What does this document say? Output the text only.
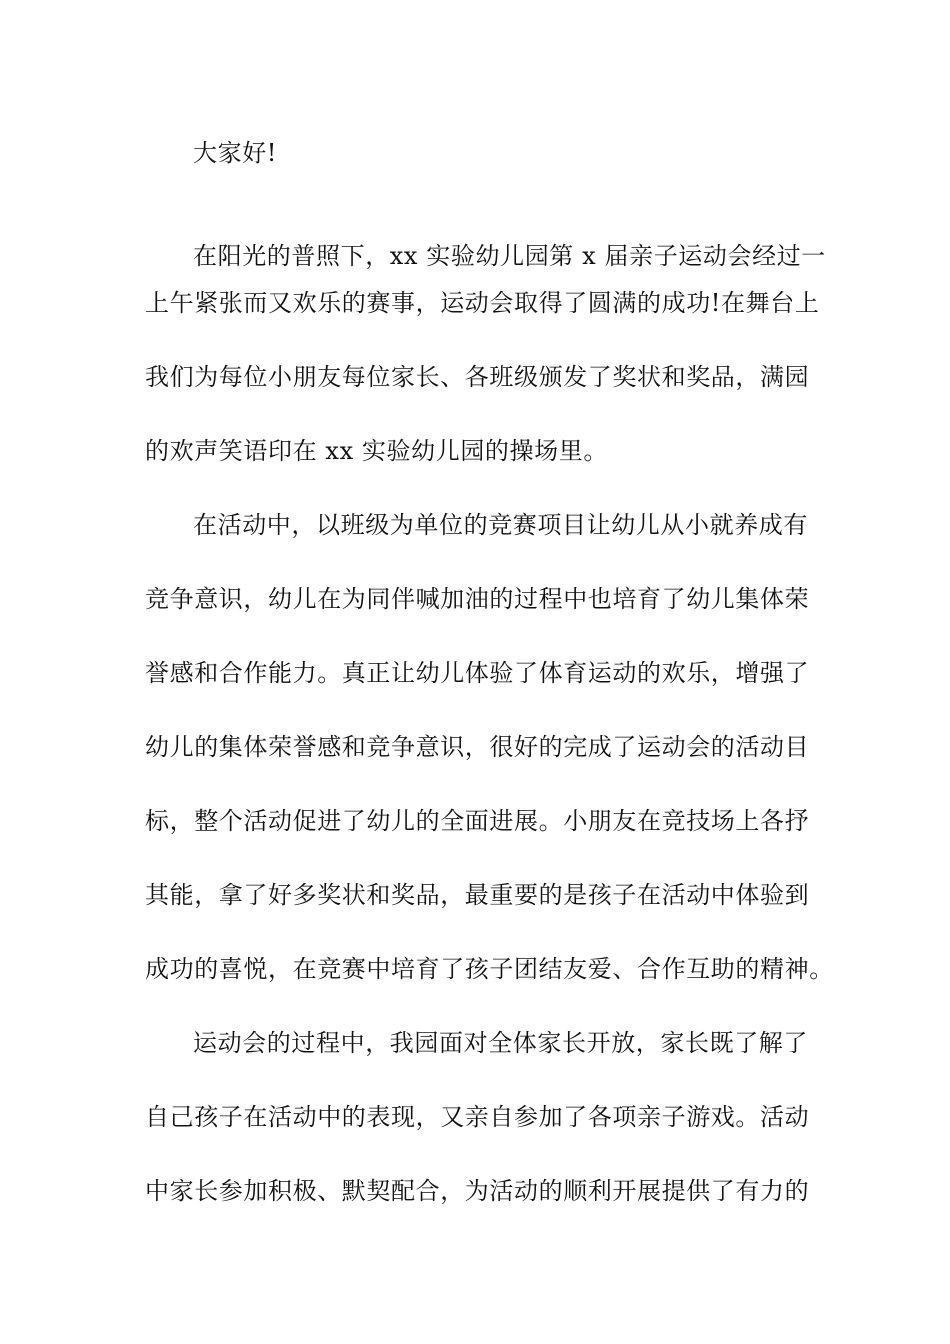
大家好!
在阳光的普照下，xx 实验幼儿园第 x 届亲子运动会经过一
上午紧张而又欢乐的赛事，运动会取得了圆满的成功!在舞台上
我们为每位小朋友每位家长、各班级颁发了奖状和奖品，满园
的欢声笑语印在 xx 实验幼儿园的操场里。
在活动中，以班级为单位的竞赛项目让幼儿从小就养成有
竞争意识，幼儿在为同伴喊加油的过程中也培育了幼儿集体荣
誉感和合作能力。真正让幼儿体验了体育运动的欢乐，增强了
幼儿的集体荣誉感和竞争意识，很好的完成了运动会的活动目
标，整个活动促进了幼儿的全面进展。小朋友在竞技场上各抒
其能，拿了好多奖状和奖品，最重要的是孩子在活动中体验到
成功的喜悦，在竞赛中培育了孩子团结友爱、合作互助的精神。
运动会的过程中，我园面对全体家长开放，家长既了解了
自己孩子在活动中的表现，又亲自参加了各项亲子游戏。活动
中家长参加积极、默契配合，为活动的顺利开展提供了有力的
